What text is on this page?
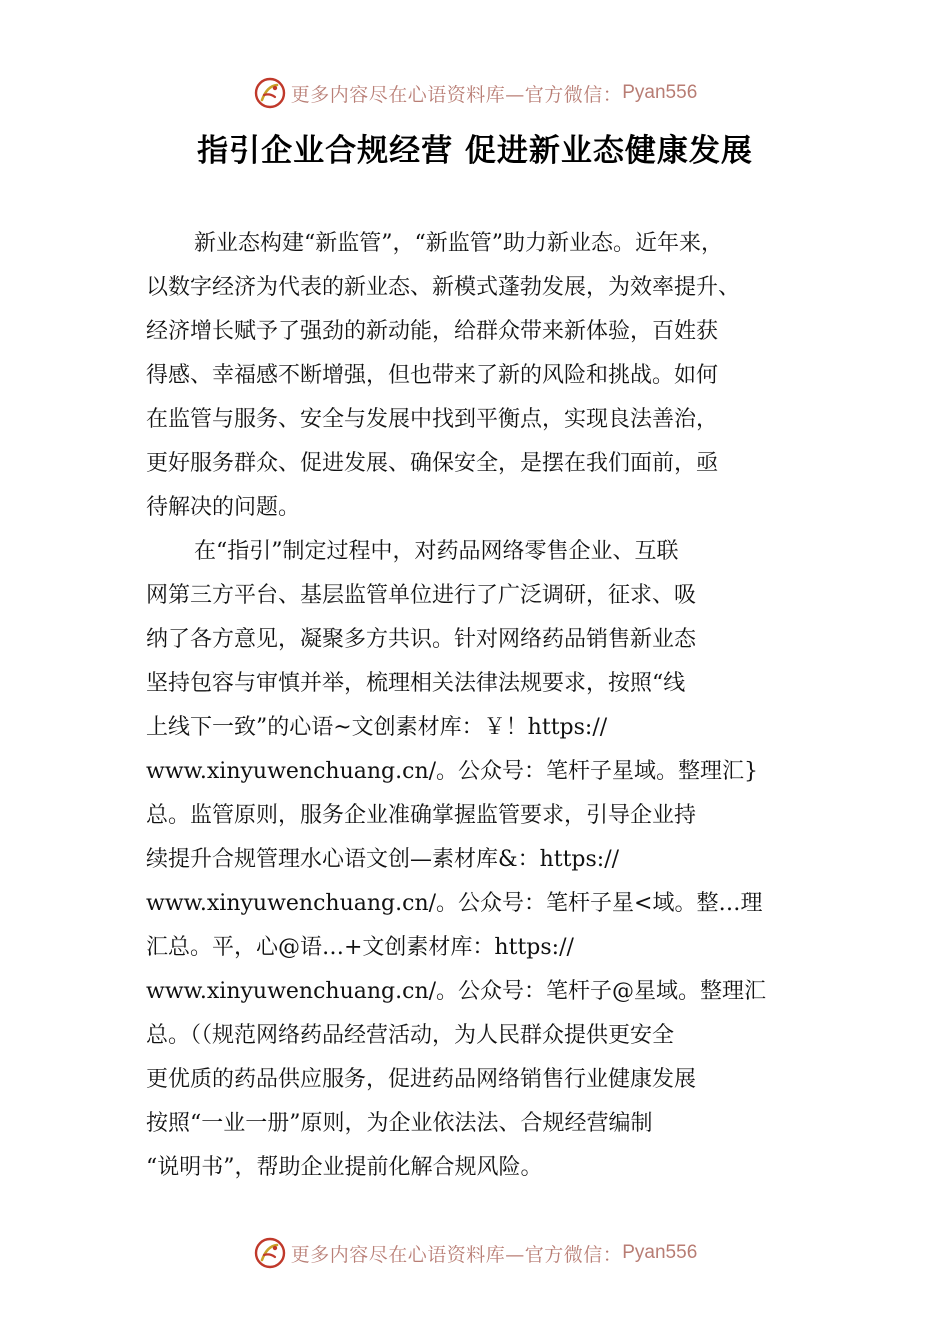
更多内容尽在心语资料库—官方微信： Pyan556
指引企业合规经营 促进新业态健康发展

新业态构建“新监管”，“新监管”助力新业态。近年来，

以数字经济为代表的新业态、新模式蓬勃发展，为效率提升、

经济增长赋予了强劲的新动能，给群众带来新体验，百姓获

得感、幸福感不断增强，但也带来了新的风险和挑战。如何

在监管与服务、安全与发展中找到平衡点，实现良法善治，

更好服务群众、促进发展、确保安全，是摆在我们面前，亟

待解决的问题。

在“指引”制定过程中，对药品网络零售企业、互联

网第三方平台、基层监管单位进行了广泛调研，征求、吸

纳了各方意见，凝聚多方共识。针对网络药品销售新业态

坚持包容与审慎并举，梳理相关法律法规要求，按照“线

上线下一致”的心语~文创素材库：￥！https://

www.xinyuwenchuang.cn/。公众号：笔杆子星域。整理汇}

总。监管原则，服务企业准确掌握监管要求，引导企业持

续提升合规管理水心语文创—素材库&：https://

www.xinyuwenchuang.cn/。公众号：笔杆子星<域。整…理

汇总。平，心@语…+文创素材库：https://

www.xinyuwenchuang.cn/。公众号：笔杆子@星域。整理汇

总。（（规范网络药品经营活动，为人民群众提供更安全

更优质的药品供应服务，促进药品网络销售行业健康发展

按照“一业一册”原则，为企业依法法、合规经营编制

“说明书”，帮助企业提前化解合规风险。

更多内容尽在心语资料库—官方微信： Pyan556
